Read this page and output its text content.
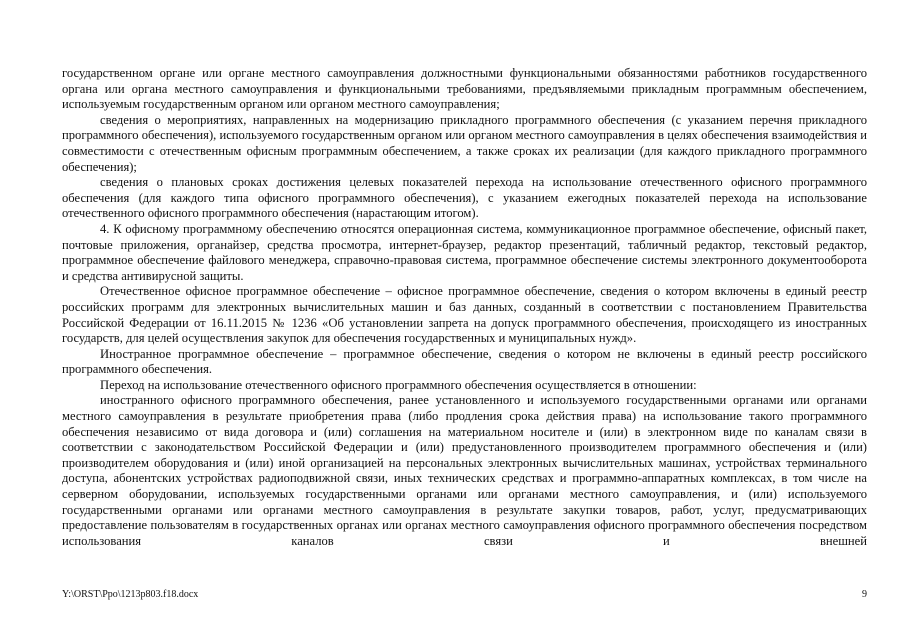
государственном органе или органе местного самоуправления должностными функциональными обязанностями работников государственного органа или органа местного самоуправления и функциональными требованиями, предъявляемыми прикладным программным обеспечением, используемым государственным органом или органом местного самоуправления;

сведения о мероприятиях, направленных на модернизацию прикладного программного обеспечения (с указанием перечня прикладного программного обеспечения), используемого государственным органом или органом местного самоуправления в целях обеспечения взаимодействия и совместимости с отечественным офисным программным обеспечением, а также сроках их реализации (для каждого прикладного программного обеспечения);

сведения о плановых сроках достижения целевых показателей перехода на использование отечественного офисного программного обеспечения (для каждого типа офисного программного обеспечения), с указанием ежегодных показателей перехода на использование отечественного офисного программного обеспечения (нарастающим итогом).

4. К офисному программному обеспечению относятся операционная система, коммуникационное программное обеспечение, офисный пакет, почтовые приложения, органайзер, средства просмотра, интернет-браузер, редактор презентаций, табличный редактор, текстовый редактор, программное обеспечение файлового менеджера, справочно-правовая система, программное обеспечение системы электронного документооборота и средства антивирусной защиты.

Отечественное офисное программное обеспечение – офисное программное обеспечение, сведения о котором включены в единый реестр российских программ для электронных вычислительных машин и баз данных, созданный в соответствии с постановлением Правительства Российской Федерации от 16.11.2015 № 1236 «Об установлении запрета на допуск программного обеспечения, происходящего из иностранных государств, для целей осуществления закупок для обеспечения государственных и муниципальных нужд».

Иностранное программное обеспечение – программное обеспечение, сведения о котором не включены в единый реестр российского программного обеспечения.

Переход на использование отечественного офисного программного обеспечения осуществляется в отношении:

иностранного офисного программного обеспечения, ранее установленного и используемого государственными органами или органами местного самоуправления в результате приобретения права (либо продления срока действия права) на использование такого программного обеспечения независимо от вида договора и (или) соглашения на материальном носителе и (или) в электронном виде по каналам связи в соответствии с законодательством Российской Федерации и (или) предустановленного производителем программного обеспечения и (или) производителем оборудования и (или) иной организацией на персональных электронных вычислительных машинах, устройствах терминального доступа, абонентских устройствах радиоподвижной связи, иных технических средствах и программно-аппаратных комплексах, в том числе на серверном оборудовании, используемых государственными органами или органами местного самоуправления, и (или) используемого государственными органами или органами местного самоуправления в результате закупки товаров, работ, услуг, предусматривающих предоставление пользователям в государственных органах или органах местного самоуправления офисного программного обеспечения посредством использования каналов связи и внешней

Y:\ORST\Ppo\1213p803.f18.docx	9
